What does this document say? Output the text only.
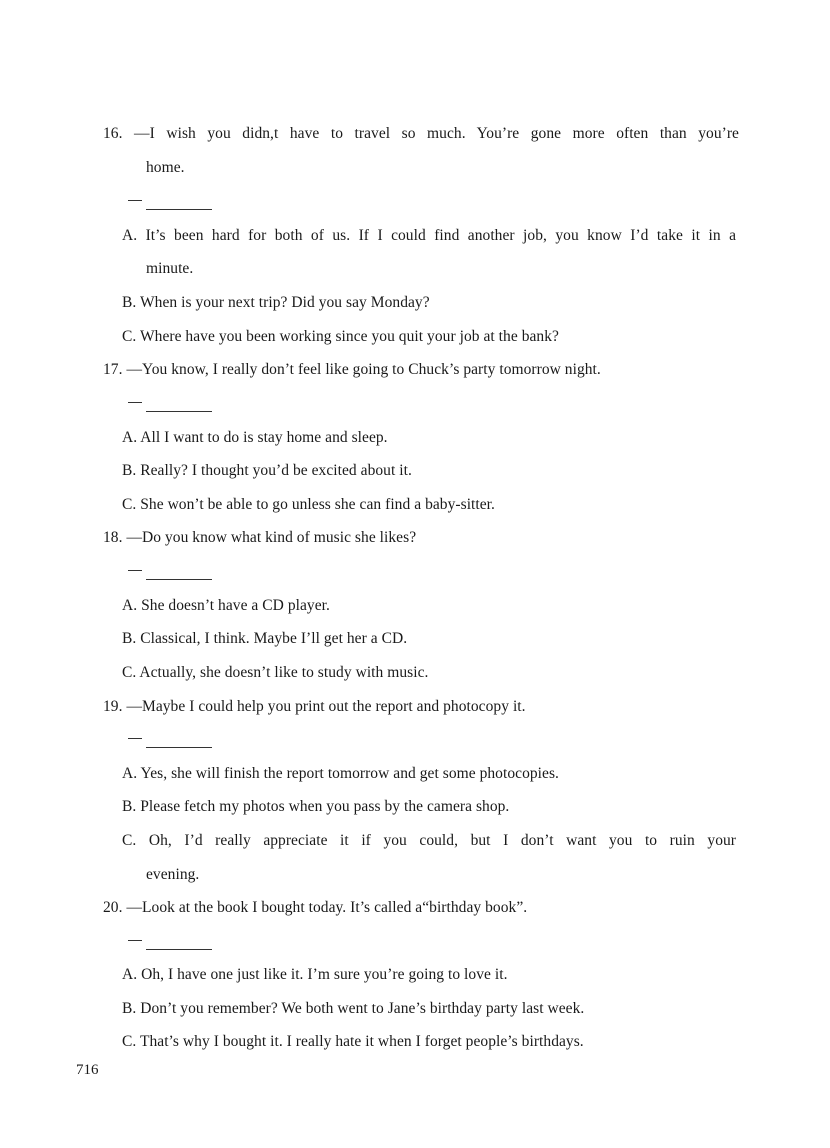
16. —I wish you didn,t have to travel so much. You’re gone more often than you’re
home.
A. It’s been hard for both of us. If I could find another job, you know I’d take it in a
minute.
B. When is your next trip? Did you say Monday?
C. Where have you been working since you quit your job at the bank?
17. —You know, I really don’t feel like going to Chuck’s party tomorrow night.
A. All I want to do is stay home and sleep.
B. Really? I thought you’d be excited about it.
C. She won’t be able to go unless she can find a baby-sitter.
18. —Do you know what kind of music she likes?
A. She doesn’t have a CD player.
B. Classical, I think. Maybe I’ll get her a CD.
C. Actually, she doesn’t like to study with music.
19. —Maybe I could help you print out the report and photocopy it.
A. Yes, she will finish the report tomorrow and get some photocopies.
B. Please fetch my photos when you pass by the camera shop.
C. Oh, I’d really appreciate it if you could, but I don’t want you to ruin your
evening.
20. —Look at the book I bought today. It’s called a“birthday book”.
A. Oh, I have one just like it. I’m sure you’re going to love it.
B. Don’t you remember? We both went to Jane’s birthday party last week.
C. That’s why I bought it. I really hate it when I forget people’s birthdays.
716
